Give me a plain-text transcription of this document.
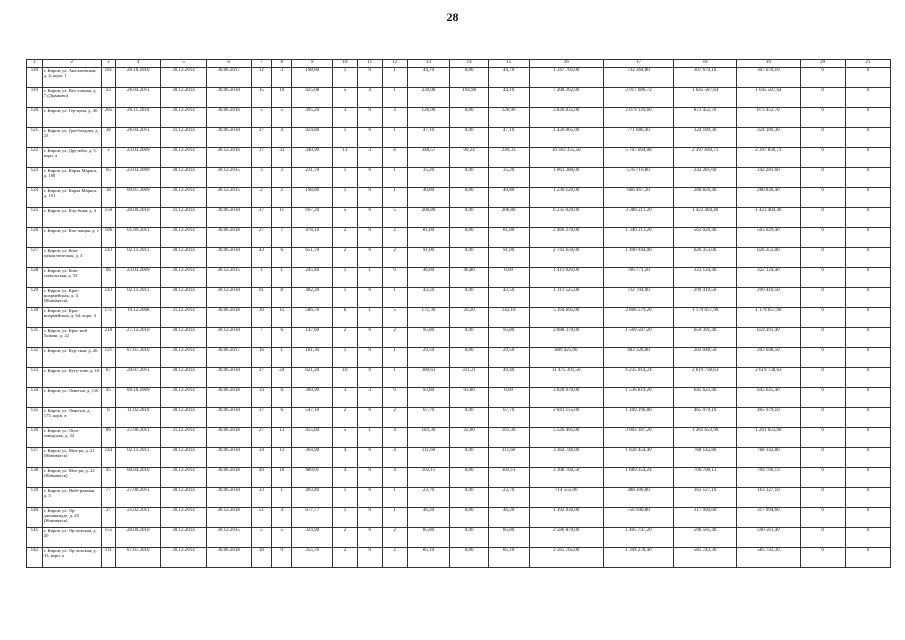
28
1	2	3	4	5	6	7	8	9	10	11	12	13	14	15	16	17	18	19	20	21
118	г. Киров, ул. Ана-ньевская, д. 4, корп. 1	181	28.10.2010	30.12.2014	30.06.2017	12	3	198,60	1	0	1	44,70	0,00	44,70	1 347 705,00	732 364,80	307 670,10	307 670,10	0	0
119	г. Киров, ул. Вос-точная, д. 7 (Дымково)	43	26.04.2011	30.12.2014	30.06.2018	15	10	425,08	5	4	1	239,08	194,98	44,10	7 208 262,00	3 917 086,72	1 645 587,64	1 645 587,64	0	0
120	г. Киров, ул. Гер-ценa, д. 30	205	26.11.2010	30.12.2014	30.06.2016	5	5	395,20	3	0	3	126,90	0,00	126,90	3 826 035,00	2 079 129,60	873 452,70	873 452,70	0	0
121	г. Киров, ул. Гри-боедова, д. 23	38	26.04.2011	31.12.2014	30.06.2018	27	4	424,80	1	0	1	47,10	0,00	47,10	1 420 065,00	771 686,40	324 189,30	324 189,30	0	0
122	г. Киров, ул. Дру-жбы, д. 5, корп. а	3	23.03.2009	30.12.2014	30.12.2016	37	33	340,90	11	3	8	348,57	99,24	249,33	10 503 355,50	5 707 694,08	2 397 830,71	2 397 830,71	0	0
123	г. Киров, ул. Карла Маркса, д. 188	05	23.03.2009	30.12.2014	30.12.2015	3	3	231,70	1	0	1	35,20	0,00	35,20	1 061 280,00	576 716,80	242 281,60	242 281,60	0	0
124	г. Киров, ул. Карла Маркса, д. 191	18	09.07.2009	30.12.2014	30.12.2015	2	2	198,80	1	0	1	40,80	0,00	40,80	1 230 120,00	668 467,20	280 826,40	280 826,40	0	0
125	г. Киров, ул. Клу-бная, д. 4	156	28.09.2010	31.12.2014	30.06.2018	37	11	697,20	5	0	5	206,80	0,00	206,80	6 235 020,00	3 388 211,20	1 423 404,40	1 423 404,40	0	0
126	г. Киров, ул. Кхо-чащая, д. 1	106	01.09.2011	30.12.2014	30.06.2018	27	7	478,10	2	0	2	81,80	0,00	81,80	2 466 270,00	1 340 211,20	563 029,40	563 029,40	0	0
127	г. Киров, ул. Ком-мунистическая, д. 3	143	02.11.2011	30.12.2014	30.06.2018	43	6	651,70	2	0	2	91,00	0,00	91,00	2 743 650,00	1 490 944,00	626 353,00	626 353,00	0	0
128	г. Киров, ул. Ком-сомольская, д. 55	06	23.03.2009	30.12.2014	30.12.2015	1	1	245,40	1	1	0	46,80	46,80	0,00	1 411 020,00	766 771,20	322 124,40	322 124,40	0	0
129	г. Киров, ул. Крас-ноармейская, д. 4 (Нововятск)	143	02.11.2011	30.12.2014	30.12.2018	61	8	482,20	1	0	1	43,50	0,00	43,50	1 311 525,00	712 704,00	299 410,50	299 410,50	0	0
130	г. Киров, ул. Крас-ноармейская, д. 64, корп. 3	171	19.12.2008	31.12.2014	30.06.2018	30	15	586,70	6	1	5	171,30	29,20	142,10	5 164 695,00	2 806 579,20	1 179 057,90	1 179 057,90	0	0
131	г. Киров, ул. Крас-ной Химии, д. 22	218	27.12.2010	30.12.2014	30.12.2018	7	6	147,60	2	0	2	95,80	0,00	95,80	2 888 370,00	1 569 587,20	659 391,40	659 391,40	0	0
132	г. Киров, ул. Кур-ская, д. 26	121	07.07.2010	30.12.2014	30.06.2017	16	1	181,30	1	0	1	29,50	0,00	29,50	889 425,00	483 328,00	203 048,50	203 048,50	0	0
133	г. Киров, ул. Куту-зова, д. 10	87	29.07.2011	30.12.2014	30.06.2018	27	24	621,20	10	9	1	380,61	331,21	49,40	11 475 391,50	6 235 914,24	2 619 738,63	2 619 738,63	0	0
134	г. Киров, ул. Лени-на, д. 110	45	09.10.2009	30.12.2014	30.06.2018	14	6	360,90	3	3	0	93,80	93,80	0,00	2 828 070,00	1 536 819,20	645 625,40	645 625,40	0	0
135	г. Киров, ул. Лени-на, д. 175, корп. в	6	11.02.2010	30.12.2014	30.06.2018	17	6	547,10	2	0	2	67,70	0,00	67,70	2 041 155,00	1 109 196,80	465 979,10	465 979,10	0	0
136	г. Киров, ул. Лесо-заводская, д. 22	86	27.06.2011	31.12.2014	30.06.2018	27	13	455,00	5	1	4	183,30	22,00	161,30	5 526 495,00	3 003 187,20	1 261 653,90	1 261 653,90	0	0
137	г. Киров, ул. Мол-ра, д. 21 (Нововятск)	144	02.11.2011	30.12.2014	30.06.2018	34	13	364,90	4	0	4	111,60	0,00	111,60	3 364 740,00	1 828 454,40	768 142,80	768 142,80	0	0
138	г. Киров, ул. Мол-ра, д. 22 (Нововятск)	45	08.04.2010	30.12.2014	30.06.2018	49	10	489,01	4	0	4	103,11	0,00	103,11	3 108 766,50	1 689 354,24	709 706,13	709 706,13	0	0
139	г. Киров, ул. Набе-режная, д. 3	77	27.06.2011	30.12.2014	30.06.2018	33	1	493,40	1	0	1	23,70	0,00	23,70	714 555,00	388 300,80	163 127,10	163 127,10	0	0
140	г. Киров, ул. Ор-джоникидзе, д. 20 (Нововятск)	27	25.02.2011	30.12.2014	30.12.2018	51	4	677,77	1	0	1	46,20	0,00	46,20	1 392 930,00	756 940,80	317 994,60	317 994,60	0	0
141	г. Киров, ул. Ор-ловская, д. 20	155	28.09.2010	30.12.2014	30.12.2015	5	5	324,90	2	0	2	85,80	0,00	85,80	2 586 870,00	1 405 747,20	590 561,40	590 561,40	0	0
142	г. Киров, ул. Ор-ловская, д. 33, корп. а	111	07.07.2010	30.12.2014	30.06.2018	38	9	355,70	2	0	2	85,10	0,00	85,10	2 565 765,00	1 394 278,40	585 743,30	585 743,30	0	0
